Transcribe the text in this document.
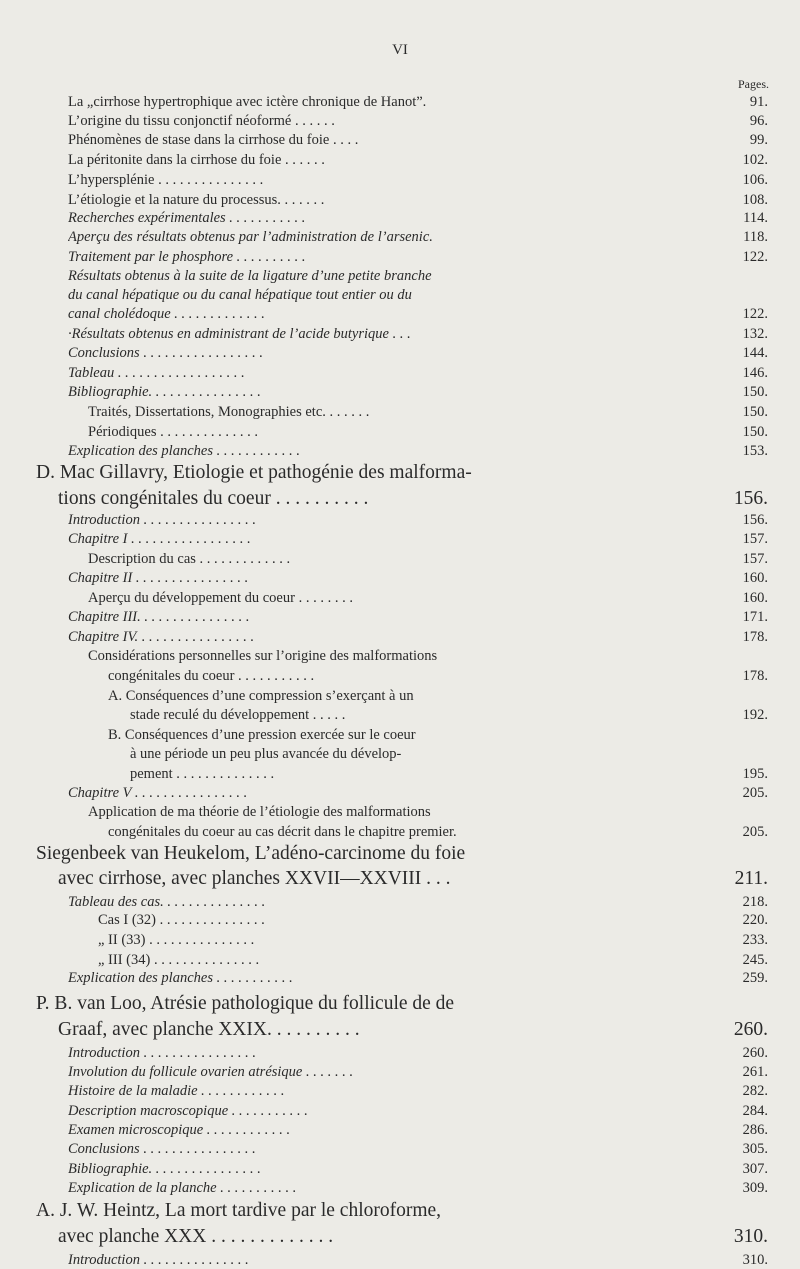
VI
Pages.
La „cirrhose hypertrophique avec ictère chronique de Hanot”.	91.
L’origine du tissu conjonctif néoformé . . . . . .	96.
Phénomènes de stase dans la cirrhose du foie . . . .	99.
La péritonite dans la cirrhose du foie . . . . . .	102.
L’hypersplénie . . . . . . . . . . . . . . .	106.
L’étiologie et la nature du processus. . . . . . .	108.
Recherches expérimentales . . . . . . . . . . .	114.
Aperçu des résultats obtenus par l’administration de l’arsenic.	118.
Traitement par le phosphore . . . . . . . . . .	122.
Résultats obtenus à la suite de la ligature d’une petite branche
du canal hépatique ou du canal hépatique tout entier ou du
canal cholédoque . . . . . . . . . . . . .	122.
·Résultats obtenus en administrant de l’acide butyrique . . .	132.
Conclusions . . . . . . . . . . . . . . . . .	144.
Tableau . . . . . . . . . . . . . . . . . .	146.
Bibliographie. . . . . . . . . . . . . . . .	150.
Traités, Dissertations, Monographies etc. . . . . . .	150.
Périodiques . . . . . . . . . . . . . .	150.
Explication des planches . . . . . . . . . . . .	153.
D. Mac Gillavry, Etiologie et pathogénie des malforma-
tions congénitales du coeur . . . . . . . . . .	156.
Introduction . . . . . . . . . . . . . . . .	156.
Chapitre I . . . . . . . . . . . . . . . . .	157.
Description du cas . . . . . . . . . . . . .	157.
Chapitre II . . . . . . . . . . . . . . . .	160.
Aperçu du développement du coeur . . . . . . . .	160.
Chapitre III. . . . . . . . . . . . . . . .	171.
Chapitre IV. . . . . . . . . . . . . . . . .	178.
Considérations personnelles sur l’origine des malformations
congénitales du coeur . . . . . . . . . . .	178.
A. Conséquences d’une compression s’exerçant à un
stade reculé du développement . . . . .	192.
B. Conséquences d’une pression exercée sur le coeur
à une période un peu plus avancée du dévelop-
pement . . . . . . . . . . . . . .	195.
Chapitre V . . . . . . . . . . . . . . . .	205.
Application de ma théorie de l’étiologie des malformations
congénitales du coeur au cas décrit dans le chapitre premier.	205.
Siegenbeek van Heukelom, L’adéno-carcinome du foie
avec cirrhose, avec planches XXVII—XXVIII . . .	211.
Tableau des cas. . . . . . . . . . . . . . .	218.
Cas I (32) . . . . . . . . . . . . . . .	220.
„ II (33) . . . . . . . . . . . . . . .	233.
„ III (34) . . . . . . . . . . . . . . .	245.
Explication des planches . . . . . . . . . . .	259.
P. B. van Loo, Atrésie pathologique du follicule de de
Graaf, avec planche XXIX. . . . . . . . . .	260.
Introduction . . . . . . . . . . . . . . . .	260.
Involution du follicule ovarien atrésique . . . . . . .	261.
Histoire de la maladie . . . . . . . . . . . .	282.
Description macroscopique . . . . . . . . . . .	284.
Examen microscopique . . . . . . . . . . . .	286.
Conclusions . . . . . . . . . . . . . . . .	305.
Bibliographie. . . . . . . . . . . . . . . .	307.
Explication de la planche . . . . . . . . . . .	309.
A. J. W. Heintz, La mort tardive par le chloroforme,
avec planche XXX . . . . . . . . . . . . .	310.
Introduction . . . . . . . . . . . . . . .	310.
